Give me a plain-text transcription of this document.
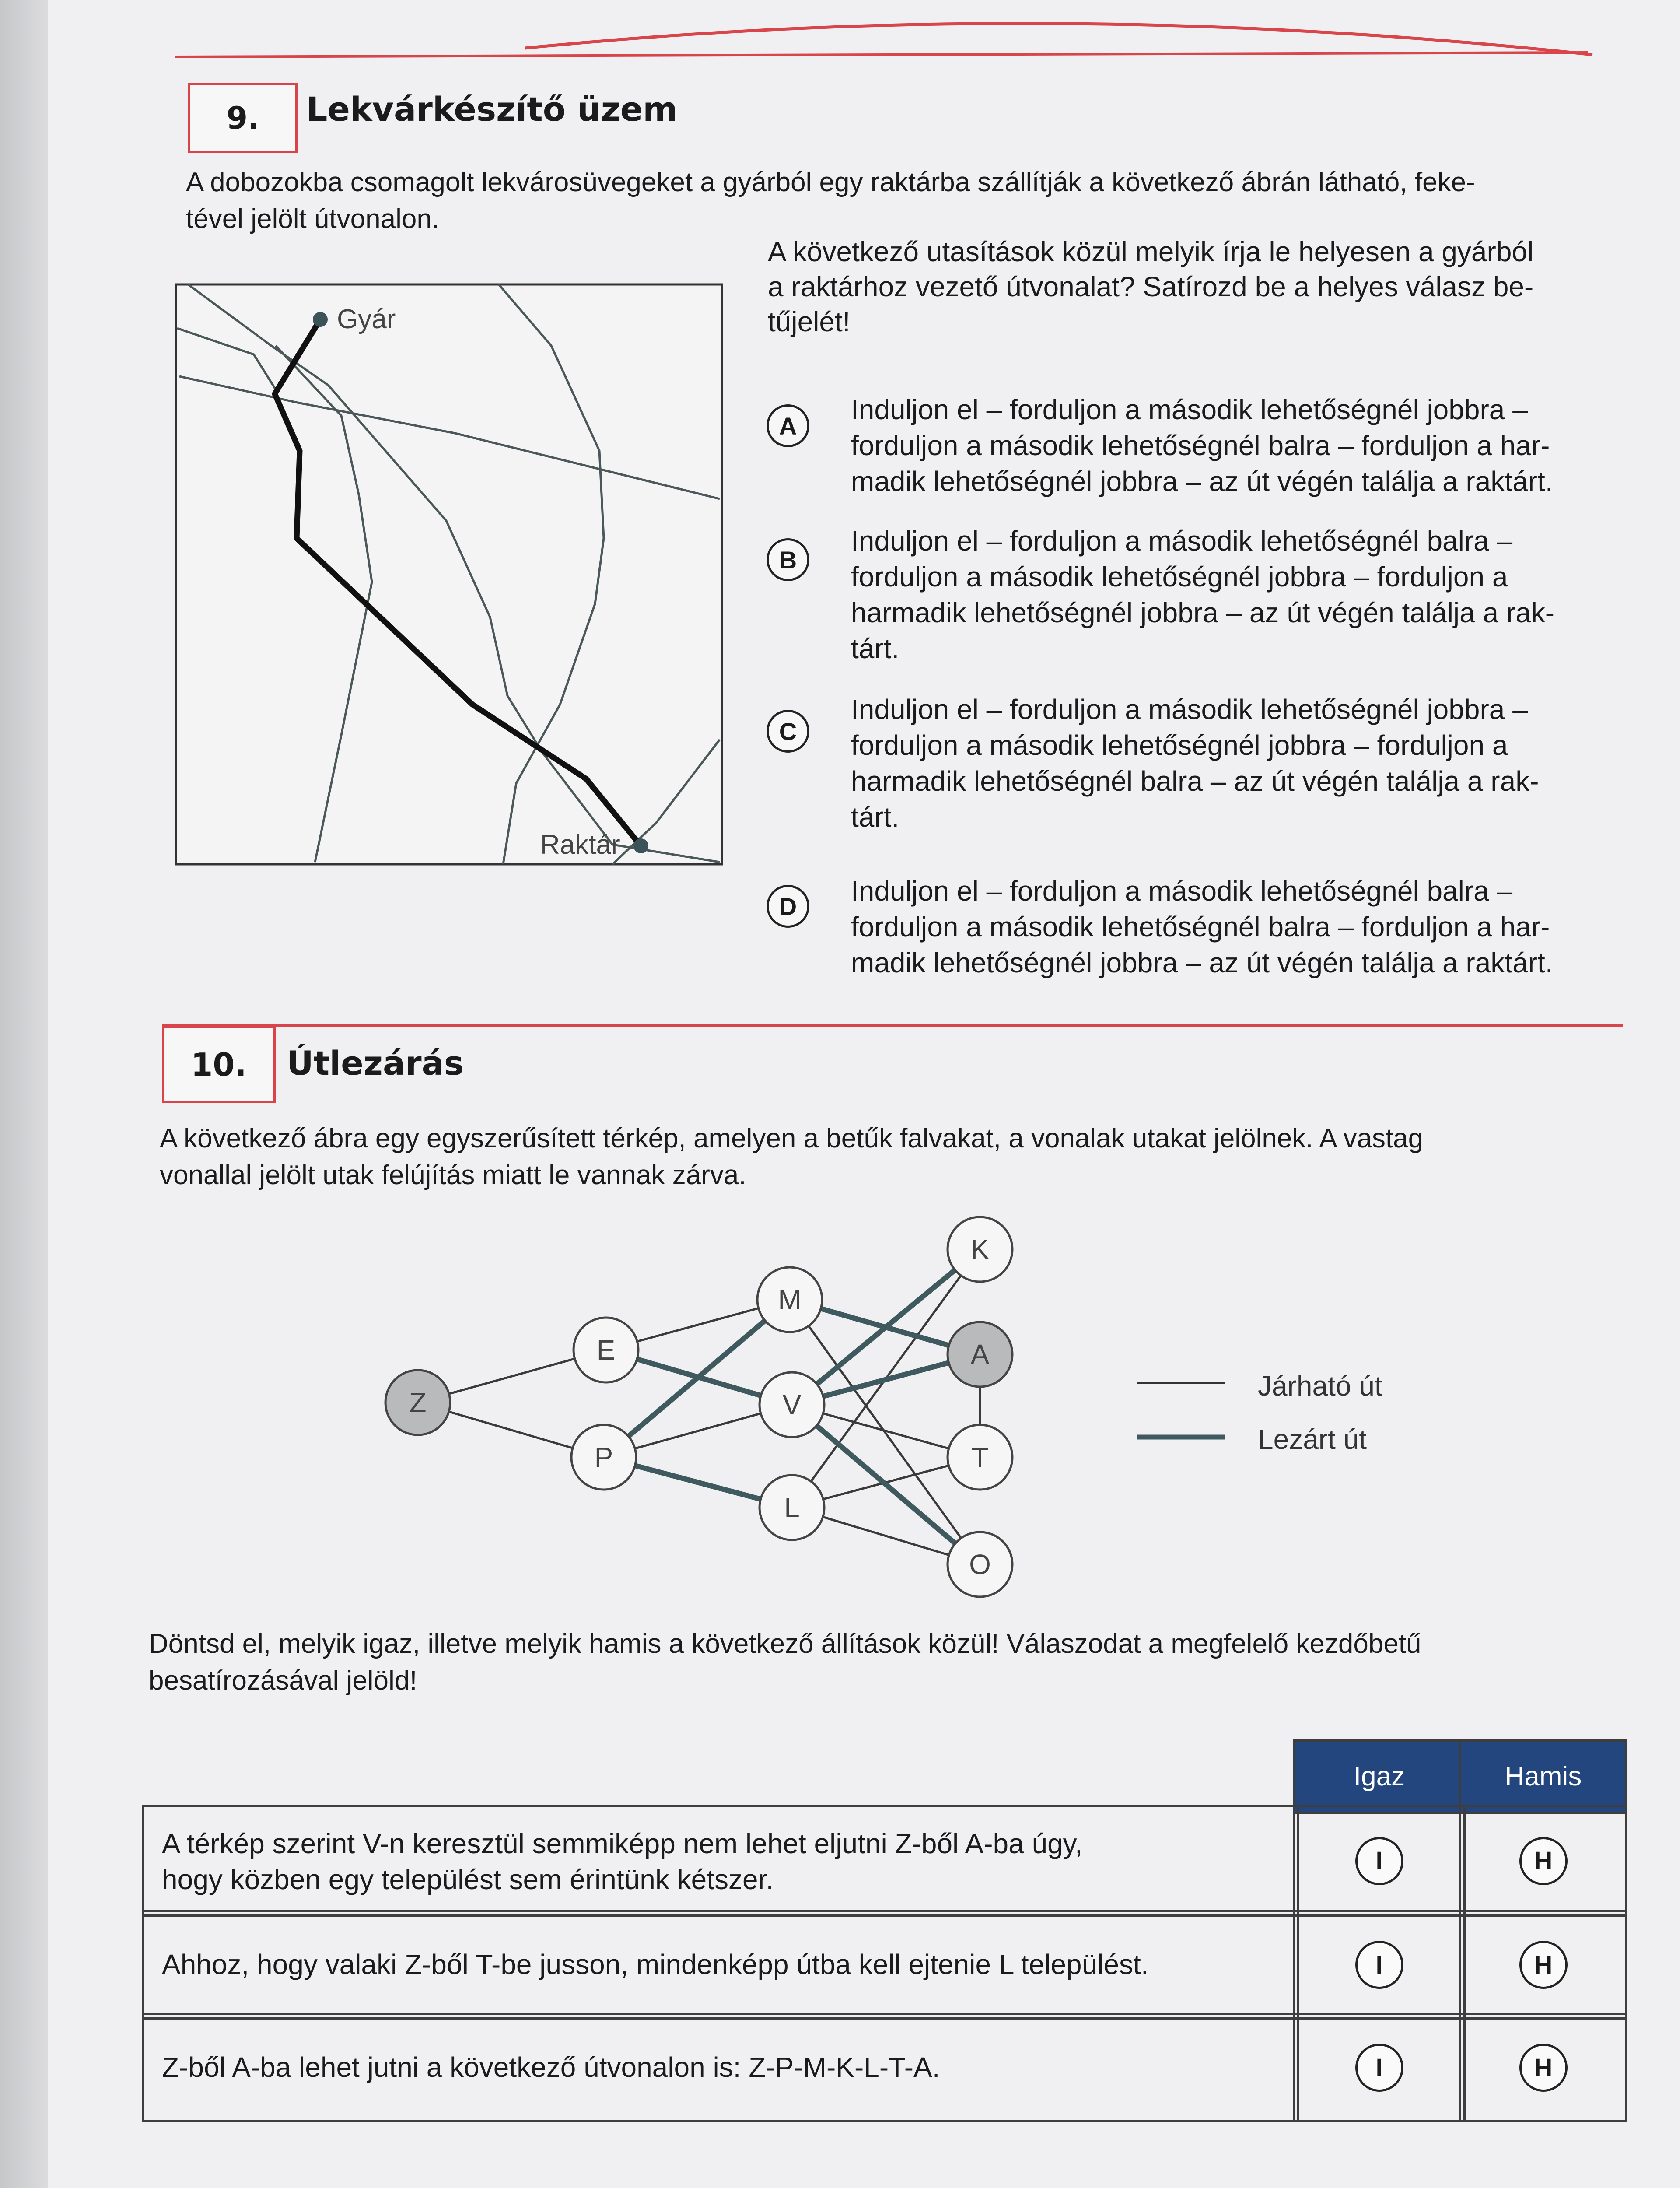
9. Lekvárkészítő üzem
A dobozokba csomagolt lekvárosüvegeket a gyárból egy raktárba szállítják a következő ábrán látható, feke-
tével jelölt útvonalon.
Gyár
Raktár
A következő utasítások közül melyik írja le helyesen a gyárból
a raktárhoz vezető útvonalat? Satírozd be a helyes válasz be-
tűjelét!
A
Induljon el – forduljon a második lehetőségnél jobbra –
forduljon a második lehetőségnél balra – forduljon a har-
madik lehetőségnél jobbra – az út végén találja a raktárt.
B
Induljon el – forduljon a második lehetőségnél balra –
forduljon a második lehetőségnél jobbra – forduljon a
harmadik lehetőségnél jobbra – az út végén találja a rak-
tárt.
C
Induljon el – forduljon a második lehetőségnél jobbra –
forduljon a második lehetőségnél jobbra – forduljon a
harmadik lehetőségnél balra – az út végén találja a rak-
tárt.
D	Induljon el – forduljon a második lehetőségnél balra –
forduljon a második lehetőségnél balra – forduljon a har-
madik lehetőségnél jobbra – az út végén találja a raktárt.
10. Útlezárás
A következő ábra egy egyszerűsített térkép, amelyen a betűk falvakat, a vonalak utakat jelölnek. A vastag
vonallal jelölt utak felújítás miatt le vannak zárva.
Z
E
P
M
V
L
K
A
T
O
Járható út
Lezárt út
Döntsd el, melyik igaz, illetve melyik hamis a következő állítások közül! Válaszodat a megfelelő kezdőbetű
besatírozásával jelöld!
Igaz	Hamis
A térkép szerint V-n keresztül semmiképp nem lehet eljutni Z-ből A-ba úgy,
hogy közben egy települést sem érintünk kétszer.
I	H
Ahhoz, hogy valaki Z-ből T-be jusson, mindenképp útba kell ejtenie L települést.	I	H
Z-ből A-ba lehet jutni a következő útvonalon is: Z-P-M-K-L-T-A.	I	H
